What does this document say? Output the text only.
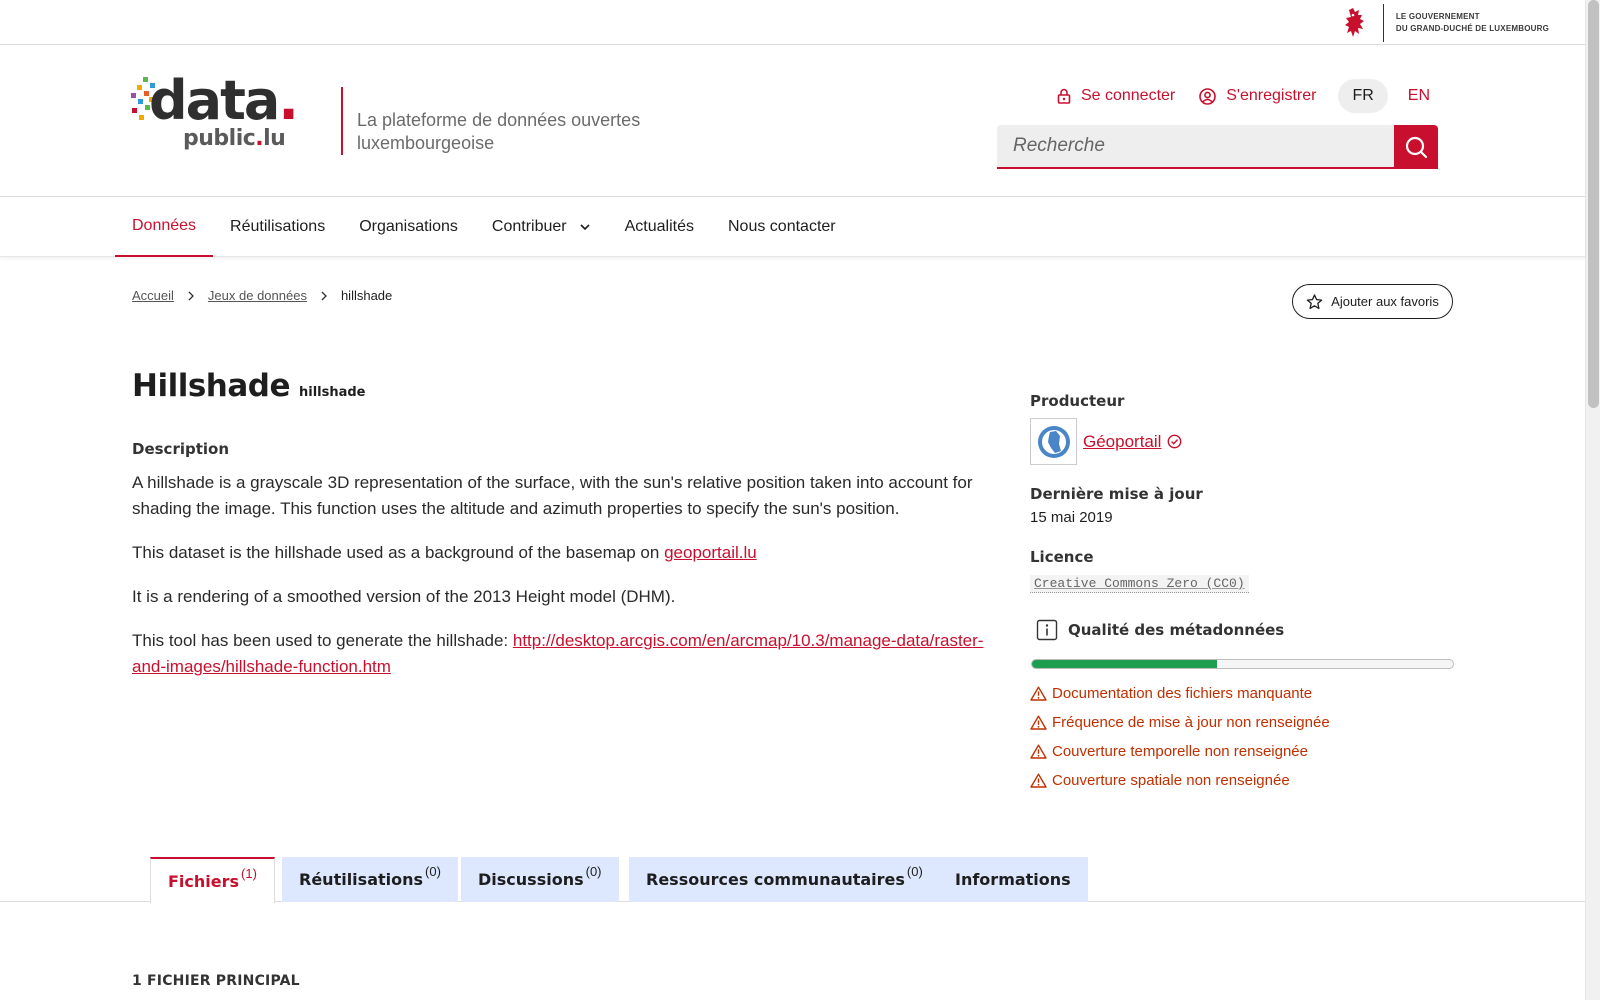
LE GOUVERNEMENT
DU GRAND-DUCHÉ DE LUXEMBOURG
data.
public.lu
La plateforme de données ouvertes luxembourgeoise
Se connecter	S'enregistrer	FR	EN
Recherche
Données	Réutilisations	Organisations	Contribuer	Actualités	Nous contacter
Accueil	Jeux de données	hillshade	Ajouter aux favoris
Hillshade hillshade
Description

A hillshade is a grayscale 3D representation of the surface, with the sun's relative position taken into account for shading the image. This function uses the altitude and azimuth properties to specify the sun's position.

This dataset is the hillshade used as a background of the basemap on geoportail.lu

It is a rendering of a smoothed version of the 2013 Height model (DHM).

This tool has been used to generate the hillshade: http://desktop.arcgis.com/en/arcmap/10.3/manage-data/raster-and-images/hillshade-function.htm

Producteur
Géoportail
Dernière mise à jour
15 mai 2019
Licence
Creative Commons Zero (CC0)
Qualité des métadonnées
Documentation des fichiers manquante
Fréquence de mise à jour non renseignée
Couverture temporelle non renseignée
Couverture spatiale non renseignée
Fichiers$^{(1)}$	Réutilisations$^{(0)}$ Discussions$^{(0)}$	Ressources communautaires$^{(0)}$ Informations
1 FICHIER PRINCIPAL
